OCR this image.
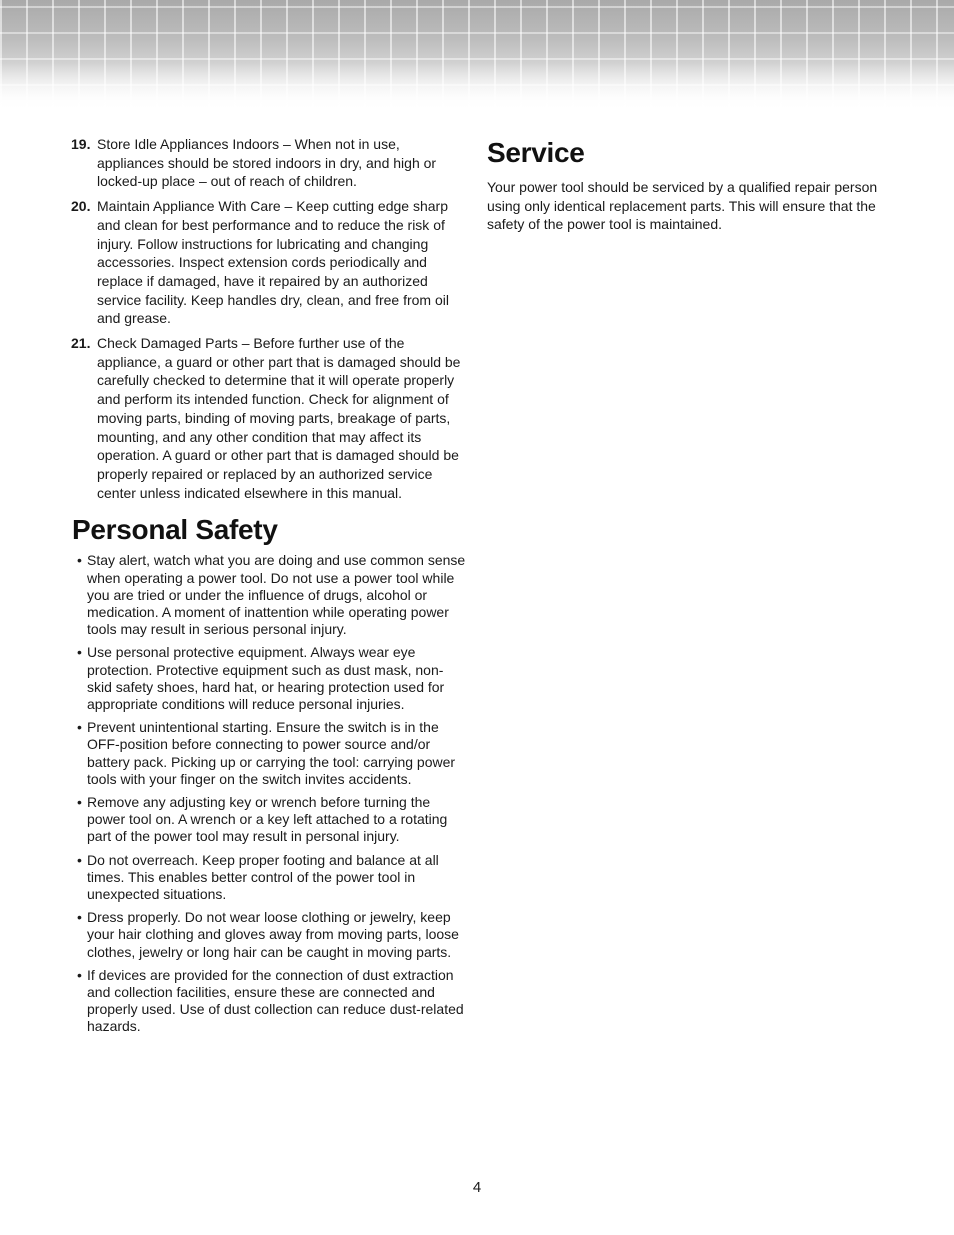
19. Store Idle Appliances Indoors – When not in use, appliances should be stored indoors in dry, and high or locked-up place – out of reach of children.
20. Maintain Appliance With Care – Keep cutting edge sharp and clean for best performance and to reduce the risk of injury. Follow instructions for lubricating and changing accessories. Inspect extension cords periodically and replace if damaged, have it repaired by an authorized service facility. Keep handles dry, clean, and free from oil and grease.
21. Check Damaged Parts – Before further use of the appliance, a guard or other part that is damaged should be carefully checked to determine that it will operate properly and perform its intended function. Check for alignment of moving parts, binding of moving parts, breakage of parts, mounting, and any other condition that may affect its operation. A guard or other part that is damaged should be properly repaired or replaced by an authorized service center unless indicated elsewhere in this manual.
Personal Safety
• Stay alert, watch what you are doing and use common sense when operating a power tool. Do not use a power tool while you are tried or under the influence of drugs, alcohol or medication. A moment of inattention while operating power tools may result in serious personal injury.
• Use personal protective equipment. Always wear eye protection. Protective equipment such as dust mask, non-skid safety shoes, hard hat, or hearing protection used for appropriate conditions will reduce personal injuries.
• Prevent unintentional starting. Ensure the switch is in the OFF-position before connecting to power source and/or battery pack. Picking up or carrying the tool: carrying power tools with your finger on the switch invites accidents.
• Remove any adjusting key or wrench before turning the power tool on. A wrench or a key left attached to a rotating part of the power tool may result in personal injury.
• Do not overreach. Keep proper footing and balance at all times. This enables better control of the power tool in unexpected situations.
• Dress properly. Do not wear loose clothing or jewelry, keep your hair clothing and gloves away from moving parts, loose clothes, jewelry or long hair can be caught in moving parts.
• If devices are provided for the connection of dust extraction and collection facilities, ensure these are connected and properly used. Use of dust collection can reduce dust-related hazards.
Service

Your power tool should be serviced by a qualified repair person using only identical replacement parts. This will ensure that the safety of the power tool is maintained.

4
